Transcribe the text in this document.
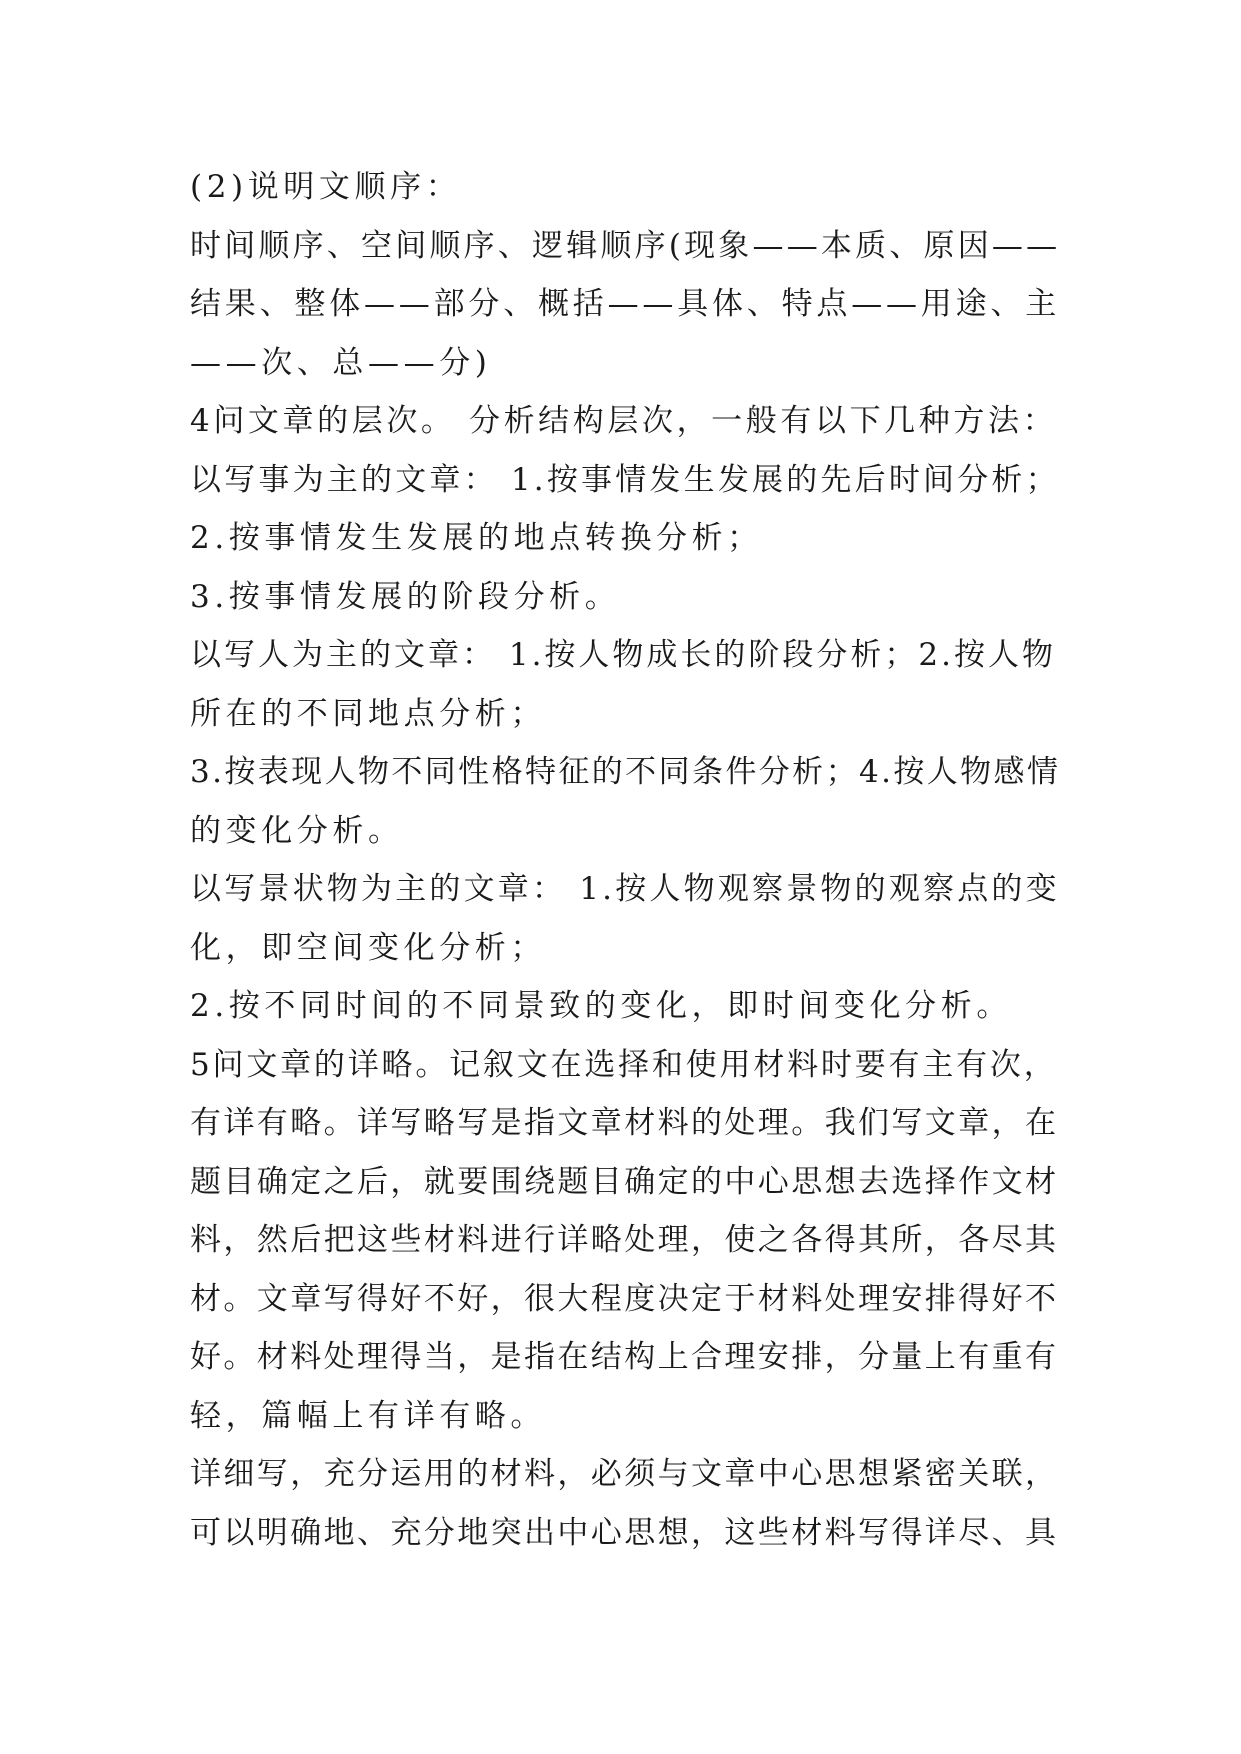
(2)说明文顺序：
时间顺序、空间顺序、逻辑顺序(现象——本质、原因——
结果、整体——部分、概括——具体、特点——用途、主
——次、总——分)
4问文章的层次。 分析结构层次，一般有以下几种方法：
以写事为主的文章： 1.按事情发生发展的先后时间分析；
2.按事情发生发展的地点转换分析；
3.按事情发展的阶段分析。
以写人为主的文章： 1.按人物成长的阶段分析；2.按人物
所在的不同地点分析；
3.按表现人物不同性格特征的不同条件分析；4.按人物感情
的变化分析。
以写景状物为主的文章： 1.按人物观察景物的观察点的变
化，即空间变化分析；
2.按不同时间的不同景致的变化，即时间变化分析。
5问文章的详略。记叙文在选择和使用材料时要有主有次，
有详有略。详写略写是指文章材料的处理。我们写文章，在
题目确定之后，就要围绕题目确定的中心思想去选择作文材
料，然后把这些材料进行详略处理，使之各得其所，各尽其
材。文章写得好不好，很大程度决定于材料处理安排得好不
好。材料处理得当，是指在结构上合理安排，分量上有重有
轻，篇幅上有详有略。
详细写，充分运用的材料，必须与文章中心思想紧密关联，
可以明确地、充分地突出中心思想，这些材料写得详尽、具
